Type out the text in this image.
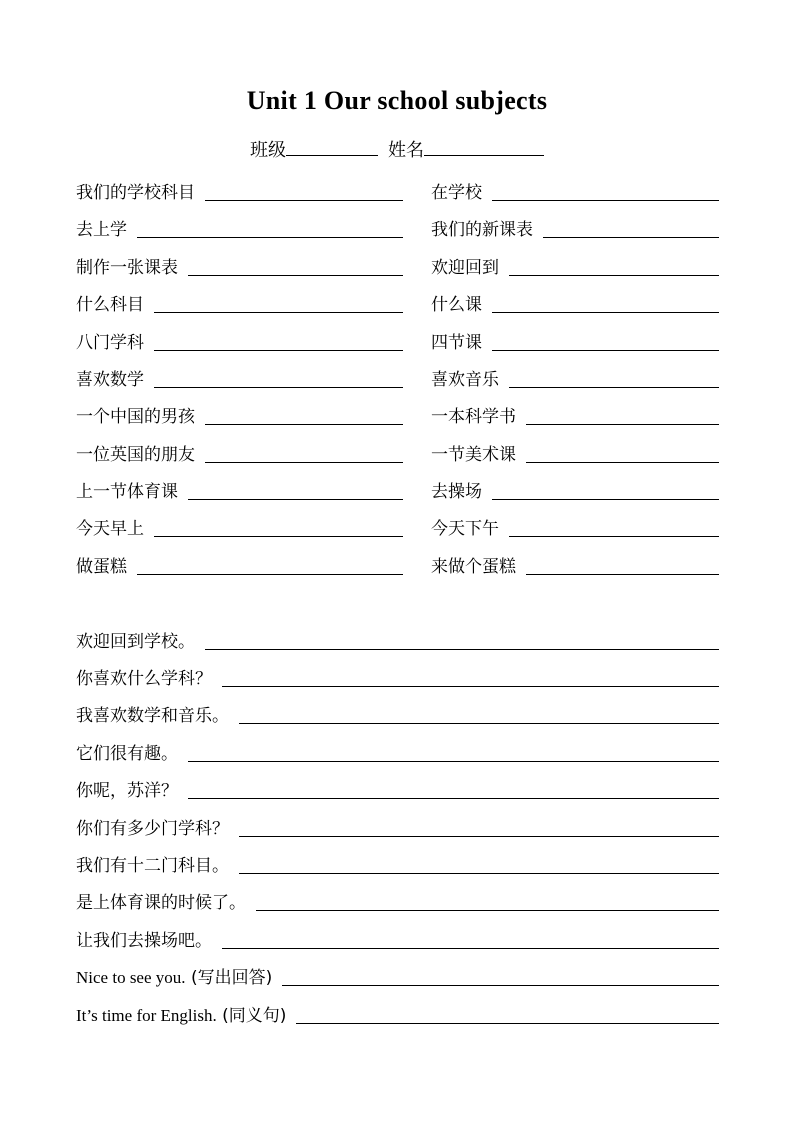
Unit 1 Our school subjects
班级	姓名
我们的学校科目
去上学
制作一张课表
什么科目
八门学科
喜欢数学
一个中国的男孩
一位英国的朋友
上一节体育课
今天早上
做蛋糕
在学校
我们的新课表
欢迎回到
什么课
四节课
喜欢音乐
一本科学书
一节美术课
去操场
今天下午
来做个蛋糕
欢迎回到学校。
你喜欢什么学科？
我喜欢数学和音乐。
它们很有趣。
你呢，苏洋？
你们有多少门学科？
我们有十二门科目。
是上体育课的时候了。
让我们去操场吧。
Nice to see you. (写出回答)
It’s time for English. (同义句)
